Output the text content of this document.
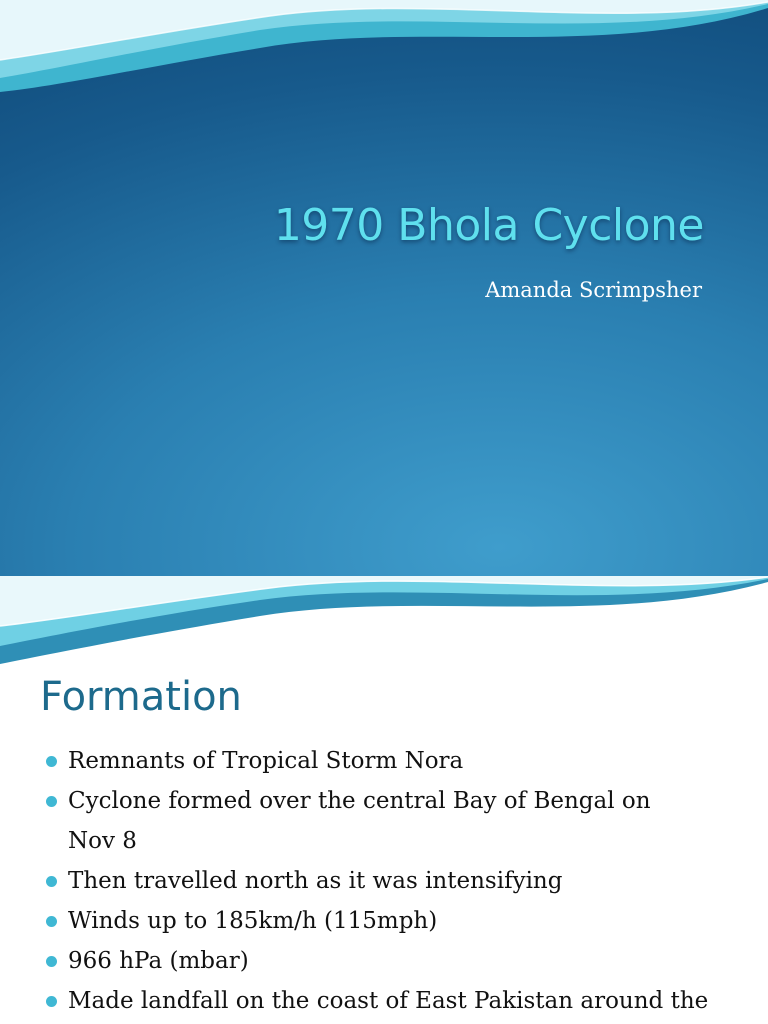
1970 Bhola Cyclone
Amanda Scrimpsher
Formation
Remnants of Tropical Storm Nora
Cyclone formed over the central Bay of Bengal on
Nov 8
Then travelled north as it was intensifying
Winds up to 185km/h (115mph)
966 hPa (mbar)
Made landfall on the coast of East Pakistan around the
